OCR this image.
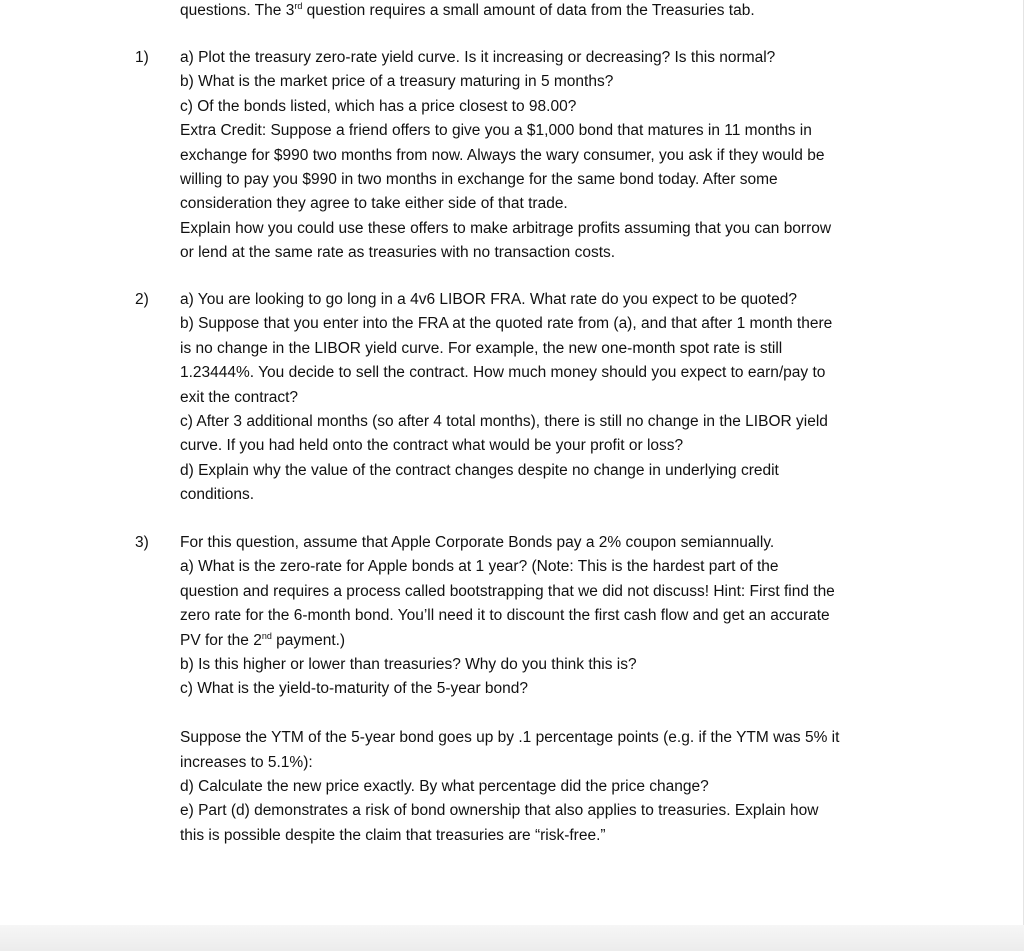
questions. The 3rd question requires a small amount of data from the Treasuries tab.
1) a) Plot the treasury zero-rate yield curve. Is it increasing or decreasing? Is this normal?
b) What is the market price of a treasury maturing in 5 months?
c) Of the bonds listed, which has a price closest to 98.00?
Extra Credit: Suppose a friend offers to give you a $1,000 bond that matures in 11 months in
exchange for $990 two months from now. Always the wary consumer, you ask if they would be
willing to pay you $990 in two months in exchange for the same bond today. After some
consideration they agree to take either side of that trade.
Explain how you could use these offers to make arbitrage profits assuming that you can borrow
or lend at the same rate as treasuries with no transaction costs.
2) a) You are looking to go long in a 4v6 LIBOR FRA. What rate do you expect to be quoted?
b) Suppose that you enter into the FRA at the quoted rate from (a), and that after 1 month there
is no change in the LIBOR yield curve. For example, the new one-month spot rate is still
1.23444%. You decide to sell the contract. How much money should you expect to earn/pay to
exit the contract?
c) After 3 additional months (so after 4 total months), there is still no change in the LIBOR yield
curve. If you had held onto the contract what would be your profit or loss?
d) Explain why the value of the contract changes despite no change in underlying credit
conditions.
3) For this question, assume that Apple Corporate Bonds pay a 2% coupon semiannually.
a) What is the zero-rate for Apple bonds at 1 year? (Note: This is the hardest part of the
question and requires a process called bootstrapping that we did not discuss! Hint: First find the
zero rate for the 6-month bond. You’ll need it to discount the first cash flow and get an accurate
PV for the 2nd payment.)
b) Is this higher or lower than treasuries? Why do you think this is?
c) What is the yield-to-maturity of the 5-year bond?
Suppose the YTM of the 5-year bond goes up by .1 percentage points (e.g. if the YTM was 5% it
increases to 5.1%):
d) Calculate the new price exactly. By what percentage did the price change?
e) Part (d) demonstrates a risk of bond ownership that also applies to treasuries. Explain how
this is possible despite the claim that treasuries are “risk-free.”
